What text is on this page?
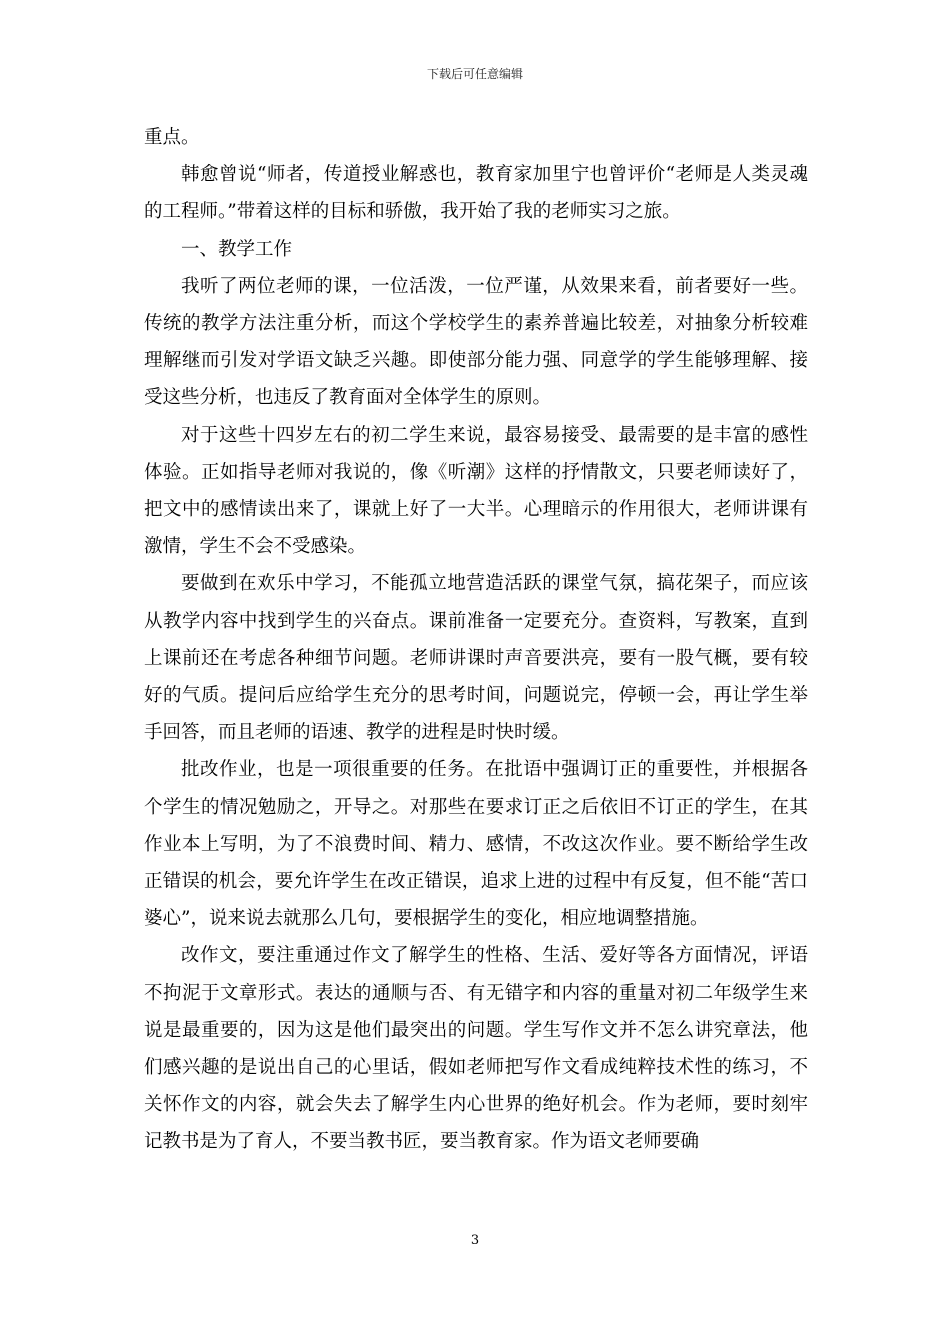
下载后可任意编辑

重点。

韩愈曾说“师者，传道授业解惑也，教育家加里宁也曾评价“老师是人类灵魂的工程师。”带着这样的目标和骄傲，我开始了我的老师实习之旅。

一、教学工作

我听了两位老师的课，一位活泼，一位严谨，从效果来看，前者要好一些。传统的教学方法注重分析，而这个学校学生的素养普遍比较差，对抽象分析较难理解继而引发对学语文缺乏兴趣。即使部分能力强、同意学的学生能够理解、接受这些分析，也违反了教育面对全体学生的原则。

对于这些十四岁左右的初二学生来说，最容易接受、最需要的是丰富的感性体验。正如指导老师对我说的，像《听潮》这样的抒情散文，只要老师读好了，把文中的感情读出来了，课就上好了一大半。心理暗示的作用很大，老师讲课有激情，学生不会不受感染。

要做到在欢乐中学习，不能孤立地营造活跃的课堂气氛，搞花架子，而应该从教学内容中找到学生的兴奋点。课前准备一定要充分。查资料，写教案，直到上课前还在考虑各种细节问题。老师讲课时声音要洪亮，要有一股气概，要有较好的气质。提问后应给学生充分的思考时间，问题说完，停顿一会，再让学生举手回答，而且老师的语速、教学的进程是时快时缓。

批改作业，也是一项很重要的任务。在批语中强调订正的重要性，并根据各个学生的情况勉励之，开导之。对那些在要求订正之后依旧不订正的学生，在其作业本上写明，为了不浪费时间、精力、感情，不改这次作业。要不断给学生改正错误的机会，要允许学生在改正错误，追求上进的过程中有反复，但不能“苦口婆心”，说来说去就那么几句，要根据学生的变化，相应地调整措施。

改作文，要注重通过作文了解学生的性格、生活、爱好等各方面情况，评语不拘泥于文章形式。表达的通顺与否、有无错字和内容的重量对初二年级学生来说是最重要的，因为这是他们最突出的问题。学生写作文并不怎么讲究章法，他们感兴趣的是说出自己的心里话，假如老师把写作文看成纯粹技术性的练习，不关怀作文的内容，就会失去了解学生内心世界的绝好机会。作为老师，要时刻牢记教书是为了育人，不要当教书匠，要当教育家。作为语文老师要确

3
